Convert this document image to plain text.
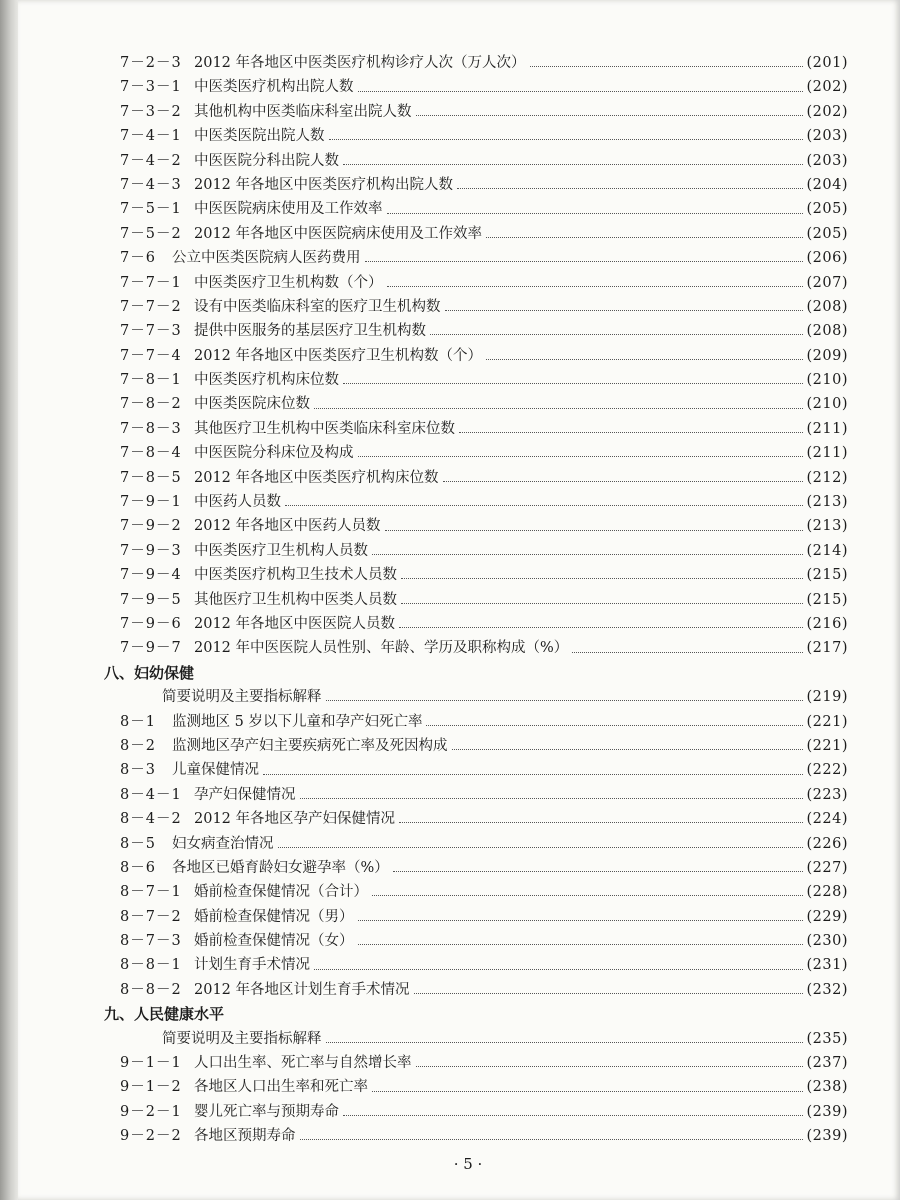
7－2－3 2012 年各地区中医类医疗机构诊疗人次（万人次）	(201)
7－3－1 中医类医疗机构出院人数	(202)
7－3－2 其他机构中医类临床科室出院人数	(202)
7－4－1 中医类医院出院人数	(203)
7－4－2 中医医院分科出院人数	(203)
7－4－3 2012 年各地区中医类医疗机构出院人数	(204)
7－5－1 中医医院病床使用及工作效率	(205)
7－5－2 2012 年各地区中医医院病床使用及工作效率	(205)
7－6	公立中医类医院病人医药费用	(206)
7－7－1 中医类医疗卫生机构数（个）	(207)
7－7－2 设有中医类临床科室的医疗卫生机构数	(208)
7－7－3 提供中医服务的基层医疗卫生机构数	(208)
7－7－4 2012 年各地区中医类医疗卫生机构数（个）	(209)
7－8－1 中医类医疗机构床位数	(210)
7－8－2 中医类医院床位数	(210)
7－8－3 其他医疗卫生机构中医类临床科室床位数	(211)
7－8－4 中医医院分科床位及构成	(211)
7－8－5 2012 年各地区中医类医疗机构床位数	(212)
7－9－1 中医药人员数	(213)
7－9－2 2012 年各地区中医药人员数	(213)
7－9－3 中医类医疗卫生机构人员数	(214)
7－9－4 中医类医疗机构卫生技术人员数	(215)
7－9－5 其他医疗卫生机构中医类人员数	(215)
7－9－6 2012 年各地区中医医院人员数	(216)
7－9－7 2012 年中医医院人员性别、年龄、学历及职称构成（%）	(217)
八、妇幼保健
简要说明及主要指标解释	(219)
8－1	监测地区 5 岁以下儿童和孕产妇死亡率	(221)
8－2	监测地区孕产妇主要疾病死亡率及死因构成	(221)
8－3	儿童保健情况	(222)
8－4－1 孕产妇保健情况	(223)
8－4－2 2012 年各地区孕产妇保健情况	(224)
8－5	妇女病查治情况	(226)
8－6	各地区已婚育龄妇女避孕率（%）	(227)
8－7－1 婚前检查保健情况（合计）	(228)
8－7－2 婚前检查保健情况（男）	(229)
8－7－3 婚前检查保健情况（女）	(230)
8－8－1 计划生育手术情况	(231)
8－8－2 2012 年各地区计划生育手术情况	(232)
九、人民健康水平
简要说明及主要指标解释	(235)
9－1－1 人口出生率、死亡率与自然增长率	(237)
9－1－2 各地区人口出生率和死亡率	(238)
9－2－1 婴儿死亡率与预期寿命	(239)
9－2－2 各地区预期寿命	(239)
· 5 ·
